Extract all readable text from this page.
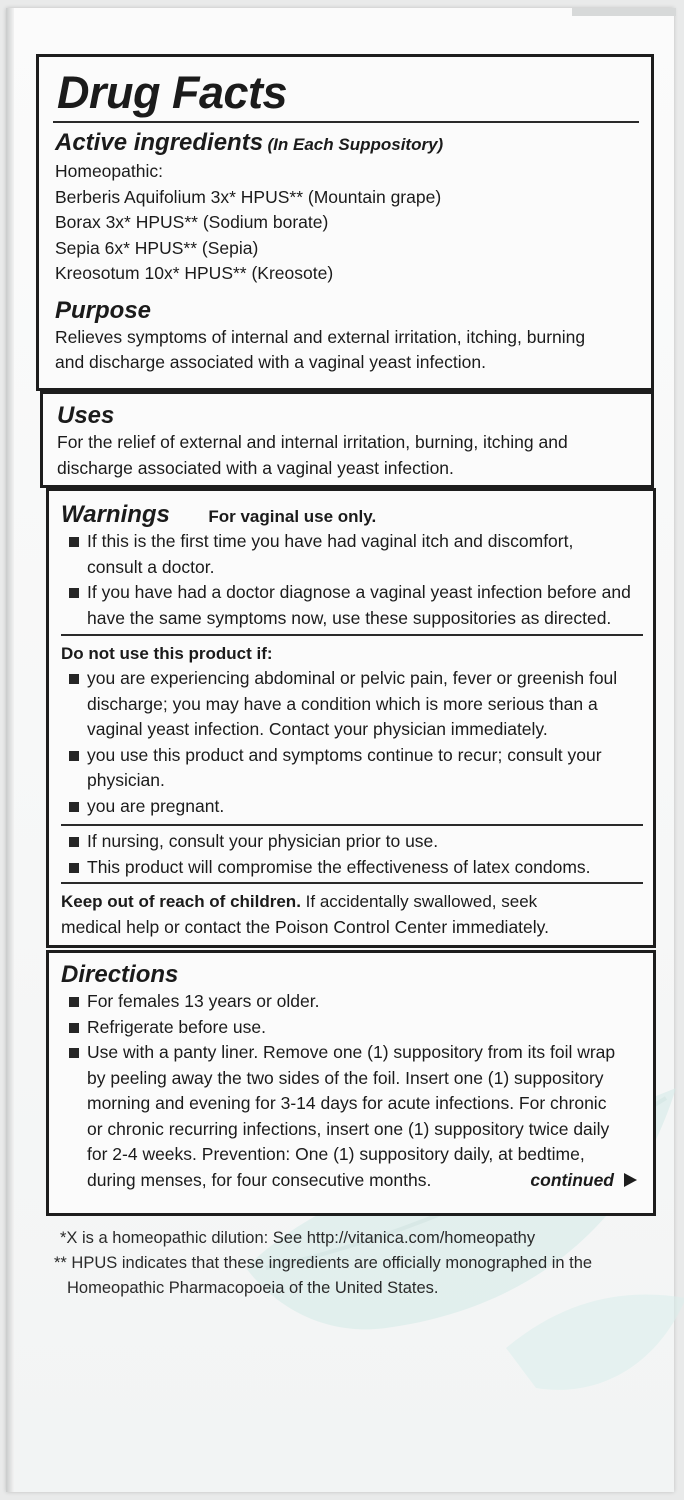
Drug Facts
Active ingredients (In Each Suppository)
Homeopathic:
Berberis Aquifolium 3x* HPUS** (Mountain grape)
Borax 3x* HPUS** (Sodium borate)
Sepia 6x* HPUS** (Sepia)
Kreosotum 10x* HPUS** (Kreosote)
Purpose
Relieves symptoms of internal and external irritation, itching, burning
and discharge associated with a vaginal yeast infection.
Uses
For the relief of external and internal irritation, burning, itching and
discharge associated with a vaginal yeast infection.
Warnings For vaginal use only.
If this is the first time you have had vaginal itch and discomfort,
consult a doctor.
If you have had a doctor diagnose a vaginal yeast infection before and
have the same symptoms now, use these suppositories as directed.
Do not use this product if:
you are experiencing abdominal or pelvic pain, fever or greenish foul
discharge; you may have a condition which is more serious than a
vaginal yeast infection. Contact your physician immediately.
you use this product and symptoms continue to recur; consult your
physician.
you are pregnant.
If nursing, consult your physician prior to use.
This product will compromise the effectiveness of latex condoms.
Keep out of reach of children. If accidentally swallowed, seek
medical help or contact the Poison Control Center immediately.
Directions
For females 13 years or older.
Refrigerate before use.
Use with a panty liner. Remove one (1) suppository from its foil wrap
by peeling away the two sides of the foil. Insert one (1) suppository
morning and evening for 3-14 days for acute infections. For chronic
or chronic recurring infections, insert one (1) suppository twice daily
for 2-4 weeks. Prevention: One (1) suppository daily, at bedtime,
during menses, for four consecutive months.	continued
*X is a homeopathic dilution: See http://vitanica.com/homeopathy
** HPUS indicates that these ingredients are officially monographed in the
Homeopathic Pharmacopoeia of the United States.
